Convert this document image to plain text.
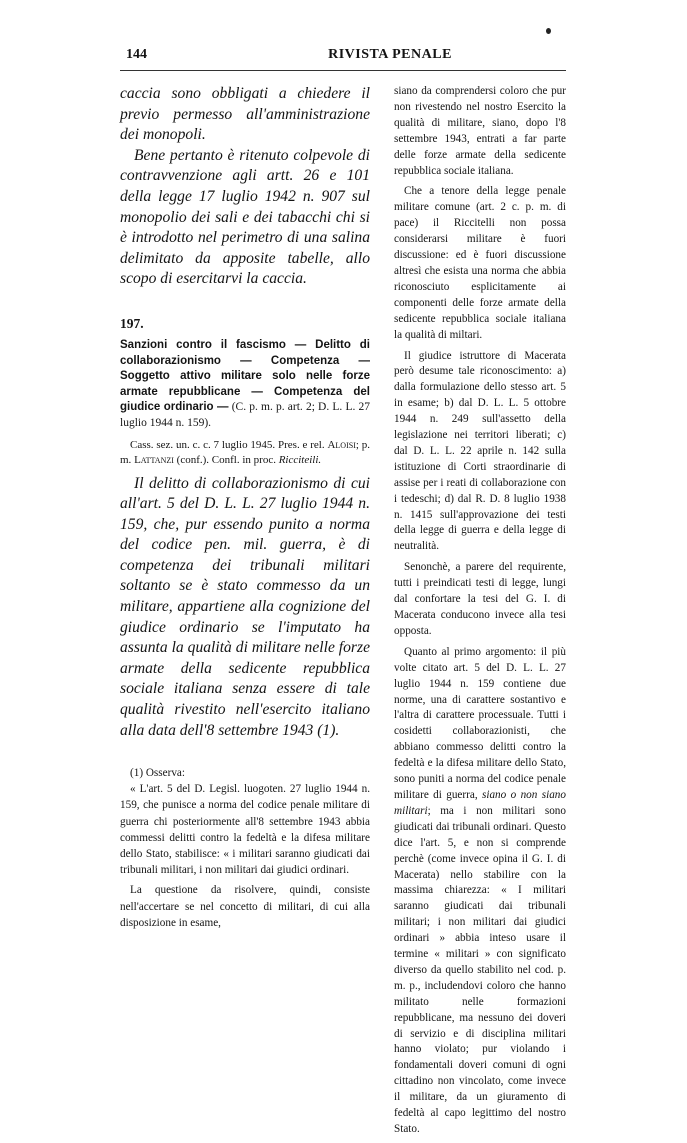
144	RIVISTA PENALE

caccia sono obbligati a chiedere il previo permesso all'amministrazione dei monopoli.

Bene pertanto è ritenuto colpevole di contravvenzione agli artt. 26 e 101 della legge 17 luglio 1942 n. 907 sul monopolio dei sali e dei tabacchi chi si è introdotto nel perimetro di una salina delimitato da apposite tabelle, allo scopo di esercitarvi la caccia.

197.

Sanzioni contro il fascismo — Delitto di collaborazionismo — Competenza — Soggetto attivo militare solo nelle forze armate repubblicane — Competenza del giudice ordinario — (C. p. m. p. art. 2; D. L. L. 27 luglio 1944 n. 159).

Cass. sez. un. c. c. 7 luglio 1945. Pres. e rel. Aloisi; p. m. Lattanzi (conf.). Confl. in proc. Ricciteili.

Il delitto di collaborazionismo di cui all'art. 5 del D. L. L. 27 luglio 1944 n. 159, che, pur essendo punito a norma del codice pen. mil. guerra, è di competenza dei tribunali militari soltanto se è stato commesso da un militare, appartiene alla cognizione del giudice ordinario se l'imputato ha assunta la qualità di militare nelle forze armate della sedicente repubblica sociale italiana senza essere di tale qualità rivestito nell'esercito italiano alla data dell'8 settembre 1943 (1).

(1) Osserva:

« L'art. 5 del D. Legisl. luogoten. 27 luglio 1944 n. 159, che punisce a norma del codice penale militare di guerra chi posteriormente all'8 settembre 1943 abbia commessi delitti contro la fedeltà e la difesa militare dello Stato, stabilisce: « i militari saranno giudicati dai tribunali militari, i non militari dai giudici ordinari.

La questione da risolvere, quindi, consiste nell'accertare se nel concetto di militari, di cui alla disposizione in esame,

siano da comprendersi coloro che pur non rivestendo nel nostro Esercito la qualità di militare, siano, dopo l'8 settembre 1943, entrati a far parte delle forze armate della sedicente repubblica sociale italiana.

Che a tenore della legge penale militare comune (art. 2 c. p. m. di pace) il Riccitelli non possa considerarsi militare è fuori discussione: ed è fuori discussione altresì che esista una norma che abbia riconosciuto esplicitamente ai componenti delle forze armate della sedicente repubblica sociale italiana la qualità di miltari.

Il giudice istruttore di Macerata però desume tale riconoscimento: a) dalla formulazione dello stesso art. 5 in esame; b) dal D. L. L. 5 ottobre 1944 n. 249 sull'assetto della legislazione nei territori liberati; c) dal D. L. L. 22 aprile n. 142 sulla istituzione di Corti straordinarie di assise per i reati di collaborazione con i tedeschi; d) dal R. D. 8 luglio 1938 n. 1415 sull'approvazione dei testi della legge di guerra e della legge di neutralità.

Senonchè, a parere del requirente, tutti i preindicati testi di legge, lungi dal confortare la tesi del G. I. di Macerata conducono invece alla tesi opposta.

Quanto al primo argomento: il più volte citato art. 5 del D. L. L. 27 luglio 1944 n. 159 contiene due norme, una di carattere sostantivo e l'altra di carattere processuale. Tutti i cosidetti collaborazionisti, che abbiano commesso delitti contro la fedeltà e la difesa militare dello Stato, sono puniti a norma del codice penale militare di guerra, siano o non siano militari; ma i non militari sono giudicati dai tribunali ordinari. Questo dice l'art. 5, e non si comprende perchè (come invece opina il G. I. di Macerata) nello stabilire con la massima chiarezza: « I militari saranno giudicati dai tribunali militari; i non militari dai giudici ordinari » abbia inteso usare il termine « militari » con significato diverso da quello stabilito nel cod. p. m. p., includendovi coloro che hanno militato nelle formazioni repubblicane, ma nessuno dei doveri di servizio e di disciplina militari hanno violato; pur violando i fondamentali doveri comuni di ogni cittadino non vincolato, come invece il militare, da un giuramento di fedeltà al capo legittimo del nostro Stato.
